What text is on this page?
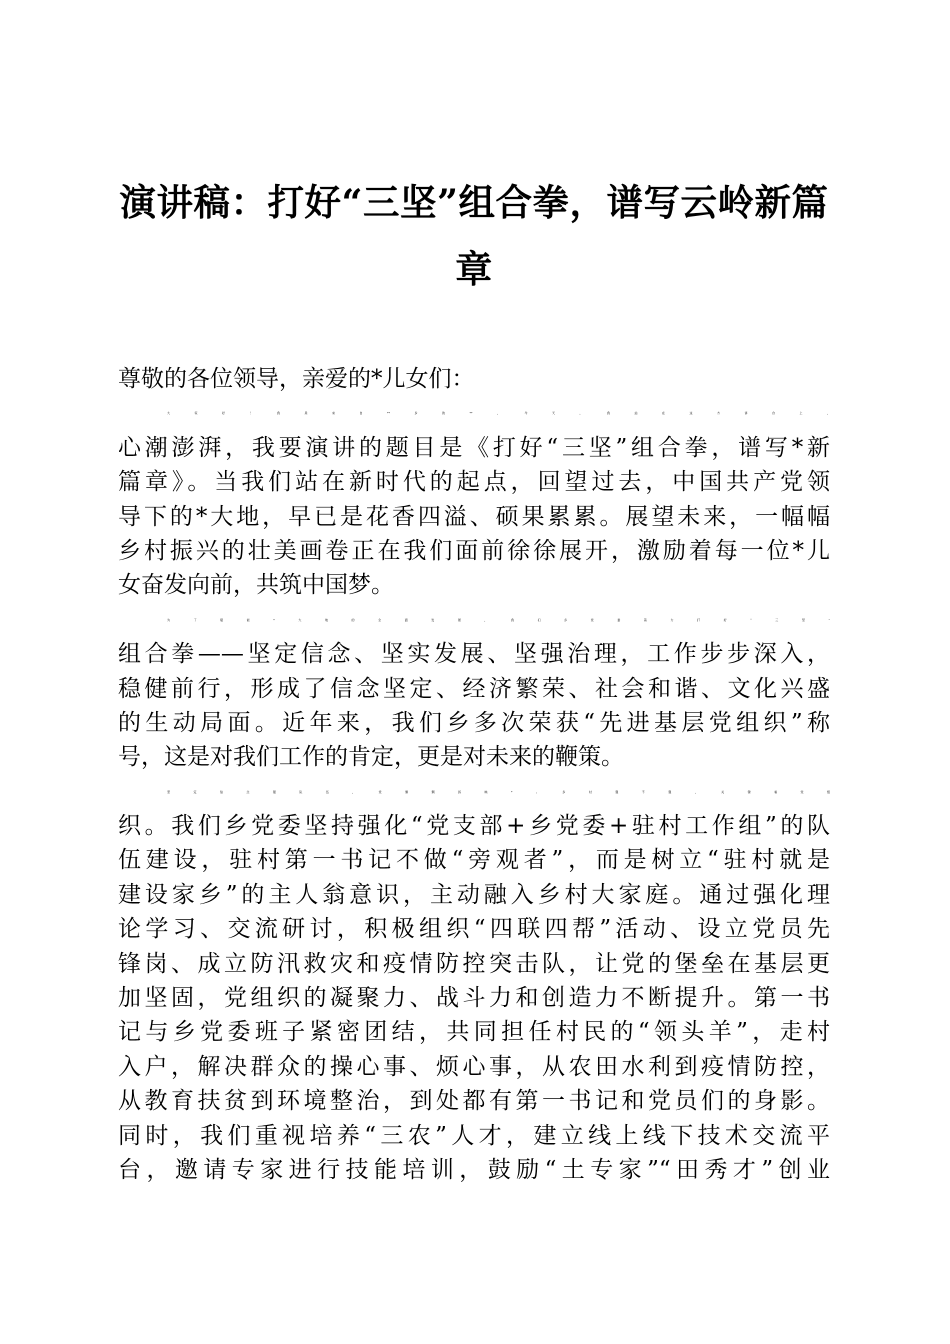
演讲稿：打好“三坚”组合拳，谱写云岭新篇
章
尊敬的各位领导，亲爱的*儿女们：
大家好！我是来自**乡的**，今天，我站在这方讲台上，
心潮澎湃，我要演讲的题目是《打好“三坚”组合拳，谱写*新
篇章》。当我们站在新时代的起点，回望过去，中国共产党领
导下的*大地，早已是花香四溢、硕果累累。展望未来，一幅幅
乡村振兴的壮美画卷正在我们面前徐徐展开，激励着每一位*儿
女奋发向前，共筑中国梦。
为了赋能*大地的全面发展，我们乡党委着力打好“三坚”
组合拳——坚定信念、坚实发展、坚强治理，工作步步深入，
稳健前行，形成了信念坚定、经济繁荣、社会和谐、文化兴盛
的生动局面。近年来，我们乡多次荣获“先进基层党组织”称
号，这是对我们工作的肯定，更是对未来的鞭策。
坚定信念强队伍，党旗飘扬映*。乡村强不强，关键看党组
织。我们乡党委坚持强化“党支部+乡党委+驻村工作组”的队
伍建设，驻村第一书记不做“旁观者”，而是树立“驻村就是
建设家乡”的主人翁意识，主动融入乡村大家庭。通过强化理
论学习、交流研讨，积极组织“四联四帮”活动、设立党员先
锋岗、成立防汛救灾和疫情防控突击队，让党的堡垒在基层更
加坚固，党组织的凝聚力、战斗力和创造力不断提升。第一书
记与乡党委班子紧密团结，共同担任村民的“领头羊”，走村
入户，解决群众的操心事、烦心事，从农田水利到疫情防控，
从教育扶贫到环境整治，到处都有第一书记和党员们的身影。
同时，我们重视培养“三农”人才，建立线上线下技术交流平
台，邀请专家进行技能培训，鼓励“土专家”“田秀才”创业
